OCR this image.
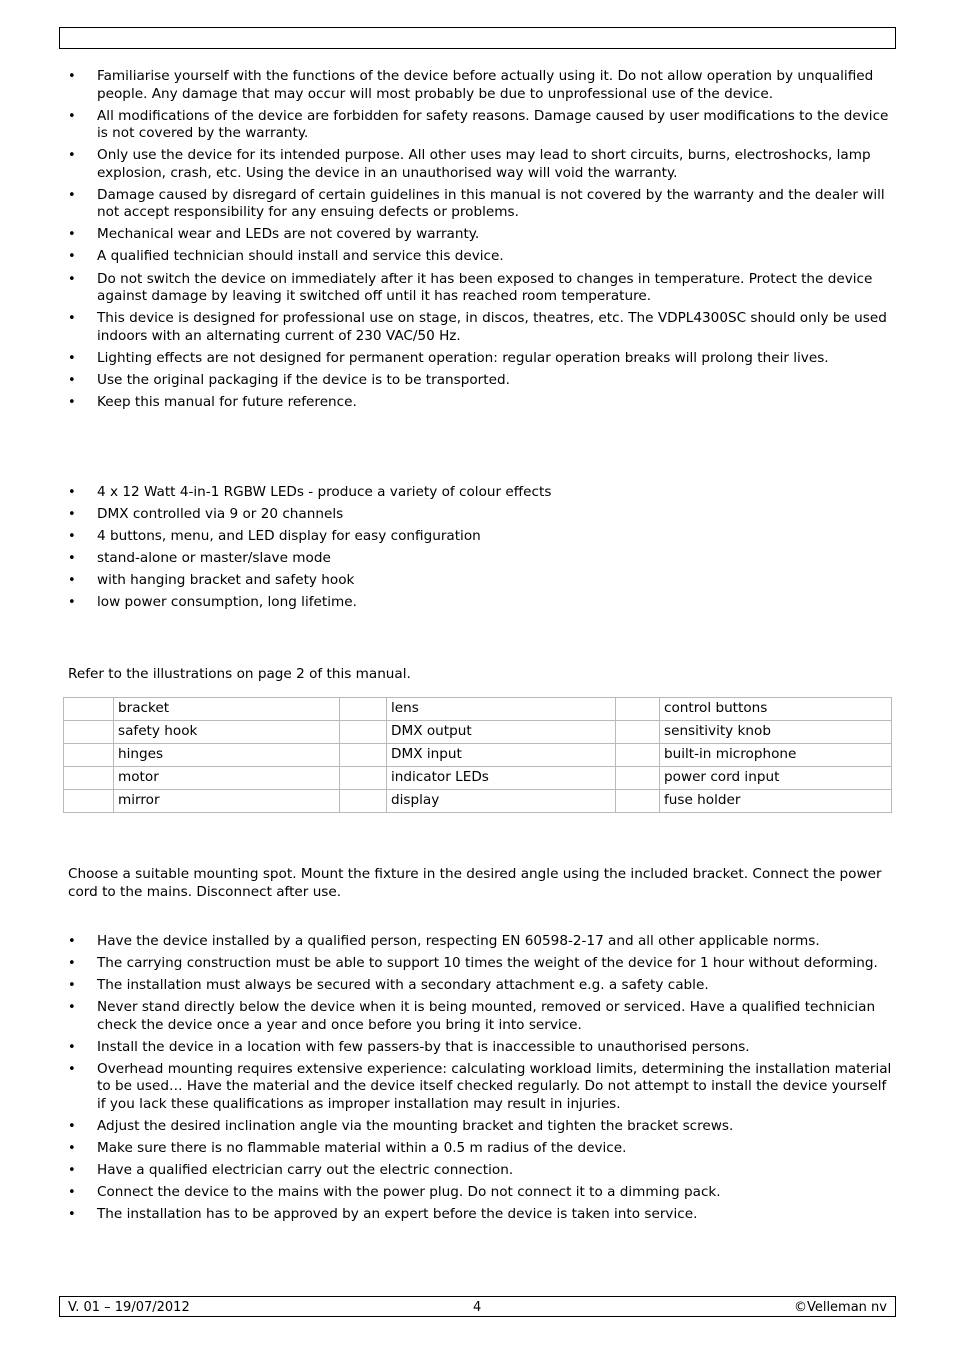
• Familiarise yourself with the functions of the device before actually using it. Do not allow operation by unqualified people. Any damage that may occur will most probably be due to unprofessional use of the device.
• All modifications of the device are forbidden for safety reasons. Damage caused by user modifications to the device is not covered by the warranty.
• Only use the device for its intended purpose. All other uses may lead to short circuits, burns, electroshocks, lamp explosion, crash, etc. Using the device in an unauthorised way will void the warranty.
• Damage caused by disregard of certain guidelines in this manual is not covered by the warranty and the dealer will not accept responsibility for any ensuing defects or problems.
• Mechanical wear and LEDs are not covered by warranty.
• A qualified technician should install and service this device.
• Do not switch the device on immediately after it has been exposed to changes in temperature. Protect the device against damage by leaving it switched off until it has reached room temperature.
• This device is designed for professional use on stage, in discos, theatres, etc. The VDPL4300SC should only be used indoors with an alternating current of 230 VAC/50 Hz.
• Lighting effects are not designed for permanent operation: regular operation breaks will prolong their lives.
• Use the original packaging if the device is to be transported.
• Keep this manual for future reference.
• 4 x 12 Watt 4-in-1 RGBW LEDs - produce a variety of colour effects
• DMX controlled via 9 or 20 channels
• 4 buttons, menu, and LED display for easy configuration
• stand-alone or master/slave mode
• with hanging bracket and safety hook
• low power consumption, long lifetime.

Refer to the illustrations on page 2 of this manual.

	bracket		lens		control buttons
	safety hook		DMX output		sensitivity knob
	hinges		DMX input		built-in microphone
	motor		indicator LEDs		power cord input
	mirror		display		fuse holder

Choose a suitable mounting spot. Mount the fixture in the desired angle using the included bracket. Connect the power cord to the mains. Disconnect after use.

• Have the device installed by a qualified person, respecting EN 60598-2-17 and all other applicable norms.
• The carrying construction must be able to support 10 times the weight of the device for 1 hour without deforming.
• The installation must always be secured with a secondary attachment e.g. a safety cable.
• Never stand directly below the device when it is being mounted, removed or serviced. Have a qualified technician check the device once a year and once before you bring it into service.
• Install the device in a location with few passers-by that is inaccessible to unauthorised persons.
• Overhead mounting requires extensive experience: calculating workload limits, determining the installation material to be used… Have the material and the device itself checked regularly. Do not attempt to install the device yourself if you lack these qualifications as improper installation may result in injuries.
• Adjust the desired inclination angle via the mounting bracket and tighten the bracket screws.
• Make sure there is no flammable material within a 0.5 m radius of the device.
• Have a qualified electrician carry out the electric connection.
• Connect the device to the mains with the power plug. Do not connect it to a dimming pack.
• The installation has to be approved by an expert before the device is taken into service.
V. 01 – 19/07/2012	4	©Velleman nv
